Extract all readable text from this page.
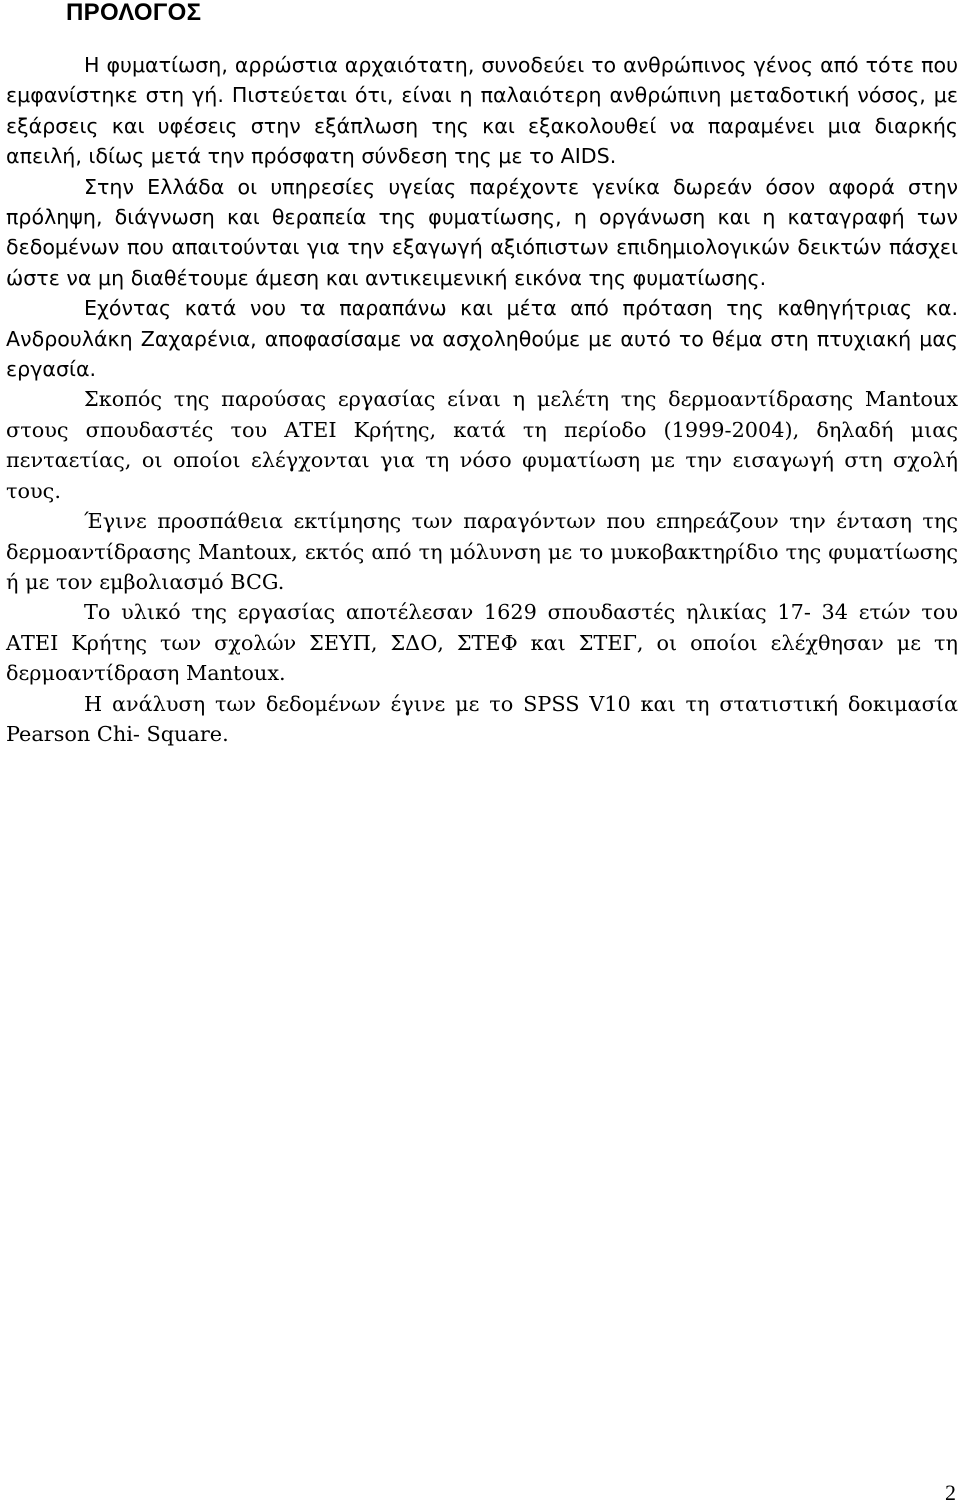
ΠΡΟΛΟΓΟΣ

Η φυματίωση, αρρώστια αρχαιότατη, συνοδεύει το ανθρώπινος γένος από τότε που εμφανίστηκε στη γή. Πιστεύεται ότι, είναι η παλαιότερη ανθρώπινη μεταδοτική νόσος, με εξάρσεις και υφέσεις στην εξάπλωση της και εξακολουθεί να παραμένει μια διαρκής απειλή, ιδίως μετά την πρόσφατη σύνδεση της με το AIDS.

Στην Ελλάδα οι υπηρεσίες υγείας παρέχοντε γενίκα δωρεάν όσον αφορά στην πρόληψη, διάγνωση και θεραπεία της φυματίωσης, η οργάνωση και η καταγραφή των δεδομένων που απαιτούνται για την εξαγωγή αξιόπιστων επιδημιολογικών δεικτών πάσχει ώστε να μη διαθέτουμε άμεση και αντικειμενική εικόνα της φυματίωσης.

Εχόντας κατά νου τα παραπάνω και μέτα από πρόταση της καθηγήτριας κα. Ανδρουλάκη Ζαχαρένια, αποφασίσαμε να ασχοληθούμε με αυτό το θέμα στη πτυχιακή μας εργασία.

Σκοπός της παρούσας εργασίας είναι η μελέτη της δερμοαντίδρασης Mantoux στους σπουδαστές του ΑΤΕΙ Κρήτης, κατά τη περίοδο (1999-2004), δηλαδή μιας πενταετίας, οι οποίοι ελέγχονται για τη νόσο φυματίωση με την εισαγωγή στη σχολή τους.

Έγινε προσπάθεια εκτίμησης των παραγόντων που επηρεάζουν την ένταση της δερμοαντίδρασης Mantoux, εκτός από τη μόλυνση με το μυκοβακτηρίδιο της φυματίωσης ή με τον εμβολιασμό BCG.

Το υλικό της εργασίας αποτέλεσαν 1629 σπουδαστές ηλικίας 17- 34 ετών του ΑΤΕΙ Κρήτης των σχολών ΣΕΥΠ, ΣΔΟ, ΣΤΕΦ και ΣΤΕΓ, οι οποίοι ελέχθησαν με τη δερμοαντίδραση Mantoux.

Η ανάλυση των δεδομένων έγινε με το SPSS V10 και τη στατιστική δοκιμασία Pearson Chi- Square.

2
